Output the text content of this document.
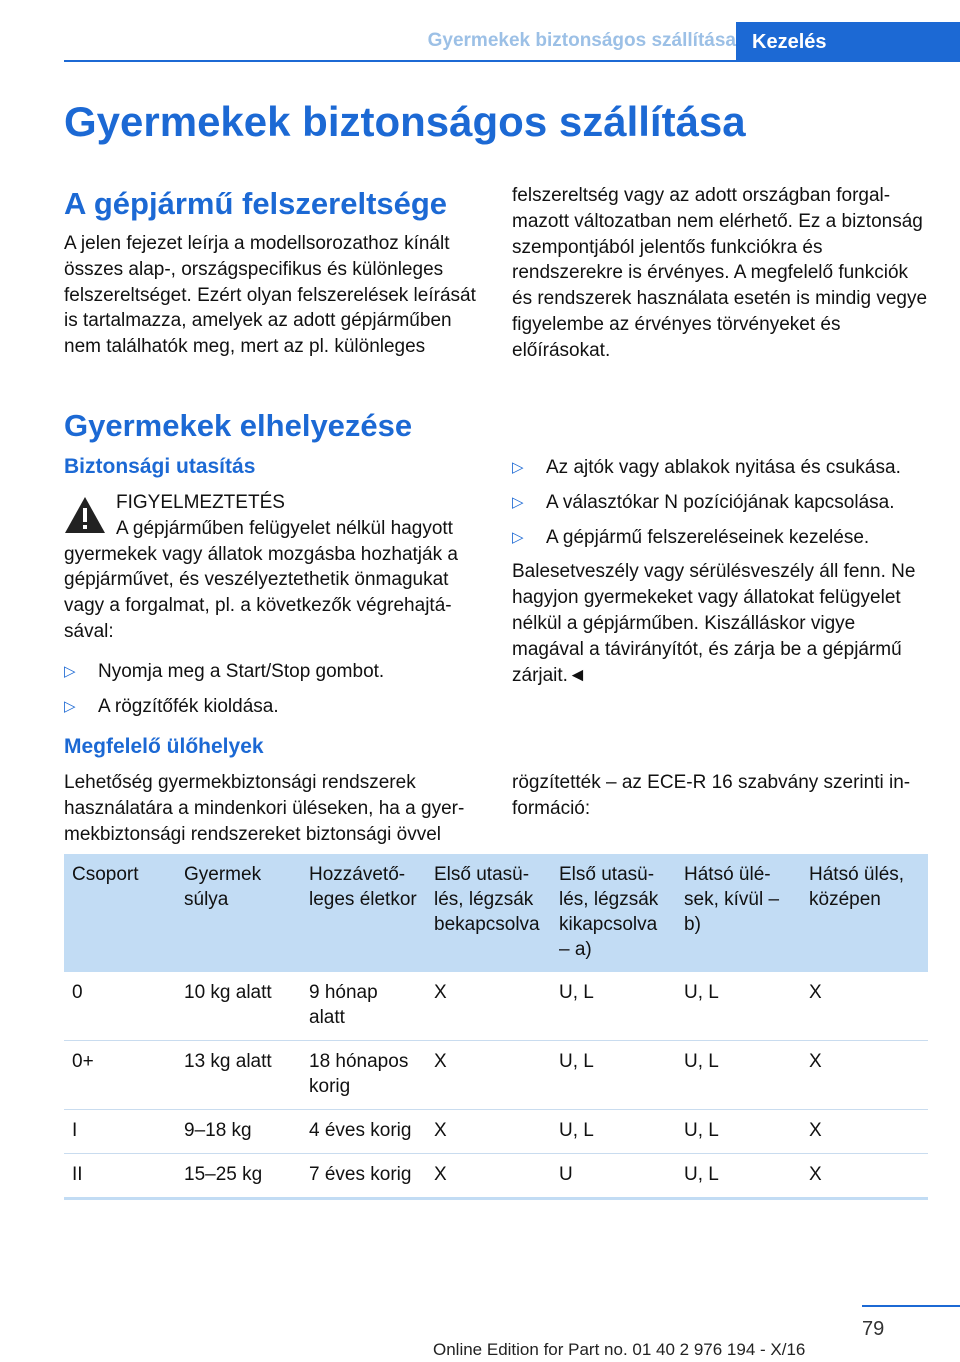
Gyermekek biztonságos szállítása Kezelés
Gyermekek biztonságos szállítása
A gépjármű felszereltsége

A jelen fejezet leírja a modellsorozathoz kínált összes alap-, országspecifikus és különleges felszereltséget. Ezért olyan felszerelések leírását is tartalmazza, amelyek az adott gépjárműben nem találhatók meg, mert az pl. különleges

felszereltség vagy az adott országban forgalmazott változatban nem elérhető. Ez a biztonság szempontjából jelentős funkciókra és rendszerekre is érvényes. A megfelelő funkciók és rendszerek használata esetén is mindig vegye figyelembe az érvényes törvényeket és előírásokat.

Gyermekek elhelyezése
Biztonsági utasítás

FIGYELMEZTETÉS

A gépjárműben felügyelet nélkül hagyott gyermekek vagy állatok mozgásba hozhatják a gépjárművet, és veszélyeztethetik önmagukat vagy a forgalmat, pl. a következők végrehajtásával:

▷ Nyomja meg a Start/Stop gombot.
▷ A rögzítőfék kioldása.
▷ Az ajtók vagy ablakok nyitása és csukása.
▷ A választókar N pozíciójának kapcsolása.
▷ A gépjármű felszereléseinek kezelése.

Balesetveszély vagy sérülésveszély áll fenn. Ne hagyjon gyermekeket vagy állatokat felügyelet nélkül a gépjárműben. Kiszálláskor vigye magával a távirányítót, és zárja be a gépjármű zárjait.◄

Megfelelő ülőhelyek

Lehetőség gyermekbiztonsági rendszerek használatára a mindenkori üléseken, ha a gyermekbiztonsági rendszereket biztonsági övvel

rögzítették – az ECE-R 16 szabvány szerinti információ:

Csoport	Gyermek súlya	Hozzávetőleges életkor	Első utasülés, légzsák bekapcsolva	Első utasülés, légzsák kikapcsolva – a)	Hátsó ülések, kívül – b)	Hátsó ülés, középen
0	10 kg alatt	9 hónap alatt	X	U, L	U, L	X
0+	13 kg alatt	18 hónapos korig	X	U, L	U, L	X
I	9–18 kg	4 éves korig	X	U, L	U, L	X
II	15–25 kg	7 éves korig	X	U	U, L	X
79
Online Edition for Part no. 01 40 2 976 194 - X/16
